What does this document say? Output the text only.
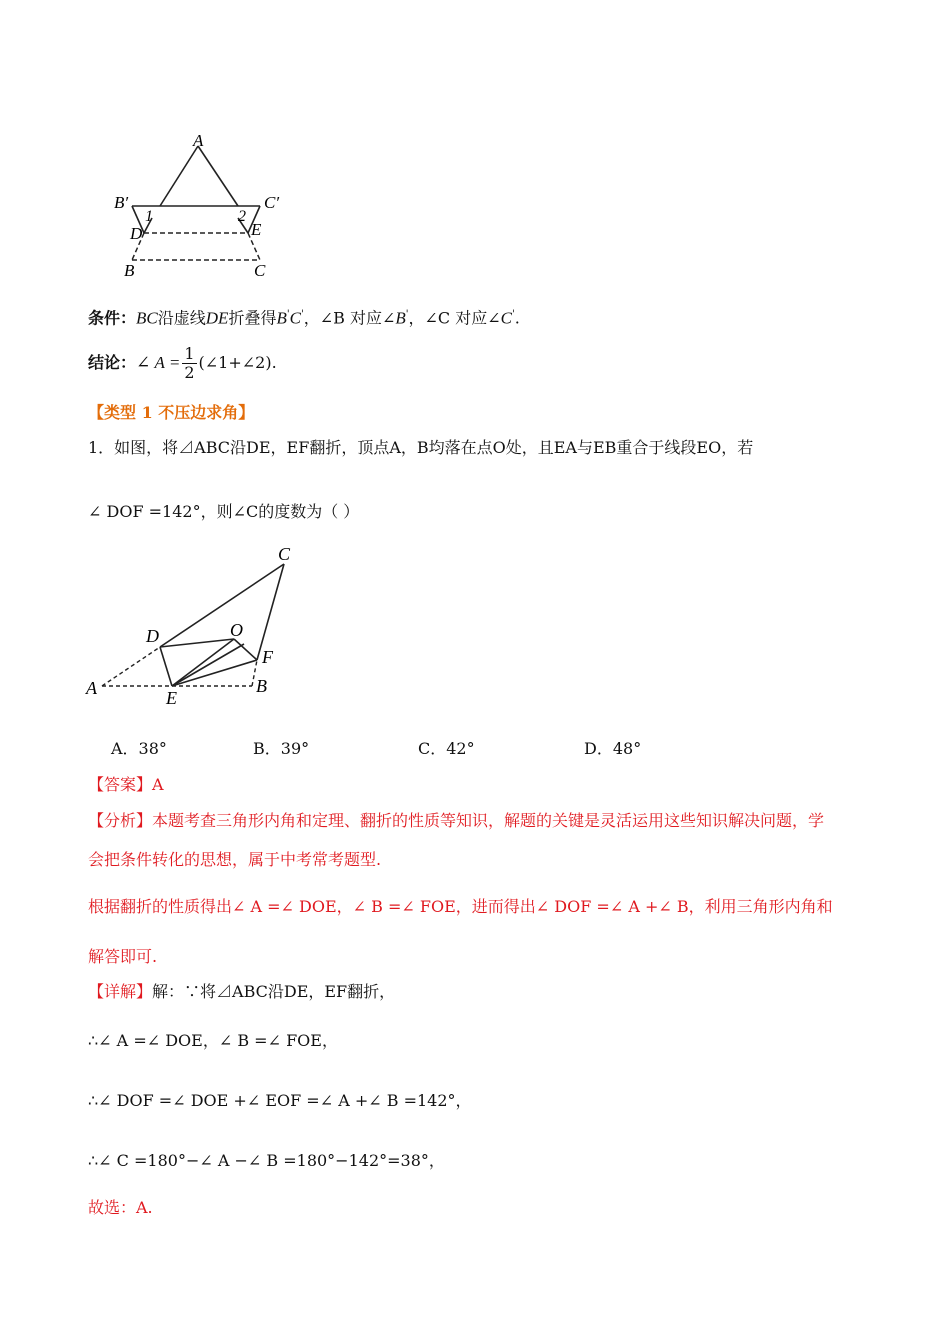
A
B′	C′
1	2
D	E
B	C
条件：BC沿虚线DE折叠得B'C'，∠B 对应∠B'，∠C 对应∠C'.
结论：∠ $A = \frac{1}{2}$ (∠1+∠2).
【类型 1 不压边求角】
1．如图，将⊿ABC沿DE，EF翻折，顶点A，B均落在点O处，且EA与EB重合于线段EO，若
∠ DOF =142°，则∠C的度数为（ ）
C
D	O
F
A	E
B
A．38°	B．39°	C．42°	D．48°
【答案】A
【分析】本题考查三角形内角和定理、翻折的性质等知识，解题的关键是灵活运用这些知识解决问题，学
会把条件转化的思想，属于中考常考题型.
根据翻折的性质得出∠ A =∠ DOE，∠ B =∠ FOE，进而得出∠ DOF =∠ A +∠ B，利用三角形内角和
解答即可.
【详解】解：∵将⊿ABC沿DE，EF翻折，
∴∠ A =∠ DOE，∠ B =∠ FOE，
∴∠ DOF =∠ DOE +∠ EOF =∠ A +∠ B =142°，
∴∠ C =180°−∠ A −∠ B =180°−142°=38°，
故选：A.
